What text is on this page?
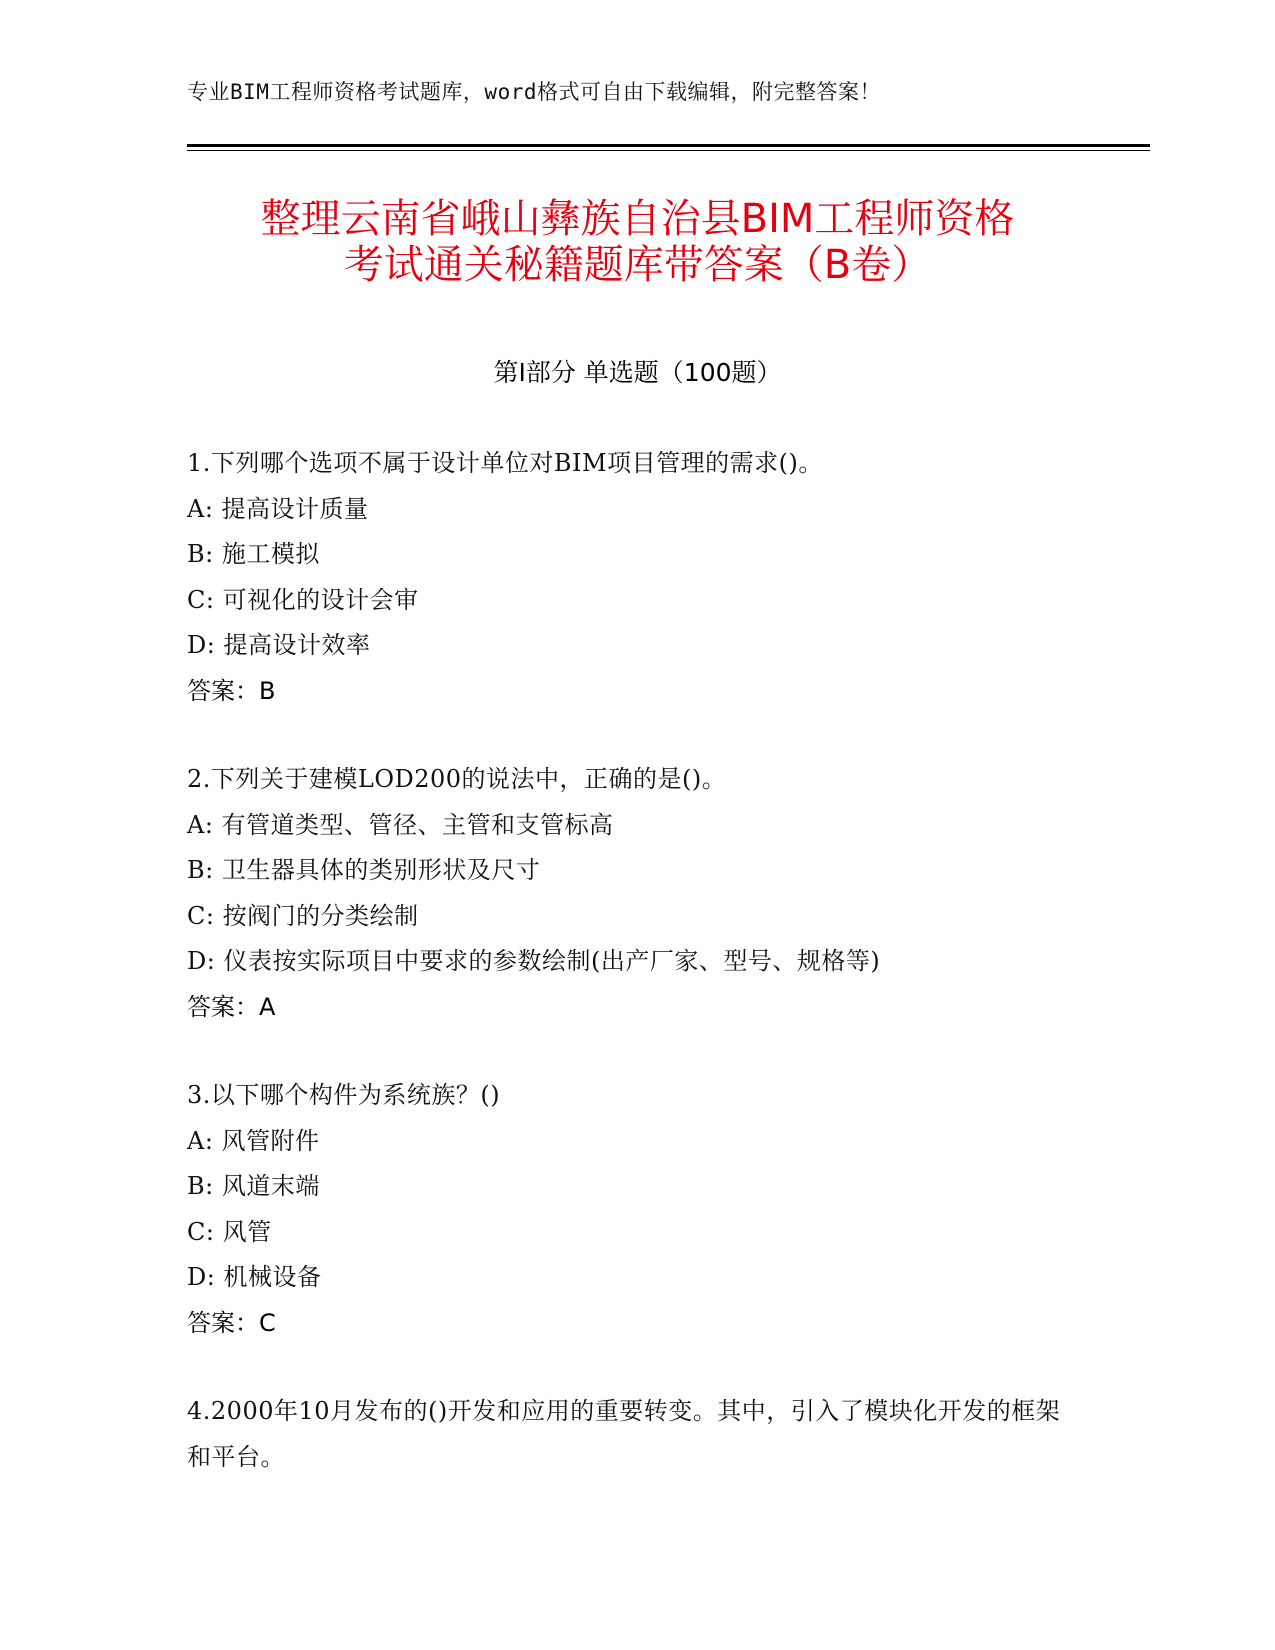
专业BIM工程师资格考试题库，word格式可自由下载编辑，附完整答案！
整理云南省峨山彝族自治县BIM工程师资格
考试通关秘籍题库带答案（B卷）
第I部分 单选题（100题）
1.下列哪个选项不属于设计单位对BIM项目管理的需求()。
A: 提高设计质量
B: 施工模拟
C: 可视化的设计会审
D: 提高设计效率
答案：B
2.下列关于建模LOD200的说法中，正确的是()。
A: 有管道类型、管径、主管和支管标高
B: 卫生器具体的类别形状及尺寸
C: 按阀门的分类绘制
D: 仪表按实际项目中要求的参数绘制(出产厂家、型号、规格等)
答案：A
3.以下哪个构件为系统族？()
A: 风管附件
B: 风道末端
C: 风管
D: 机械设备
答案：C
4.2000年10月发布的()开发和应用的重要转变。其中，引入了模块化开发的框架和平台。
